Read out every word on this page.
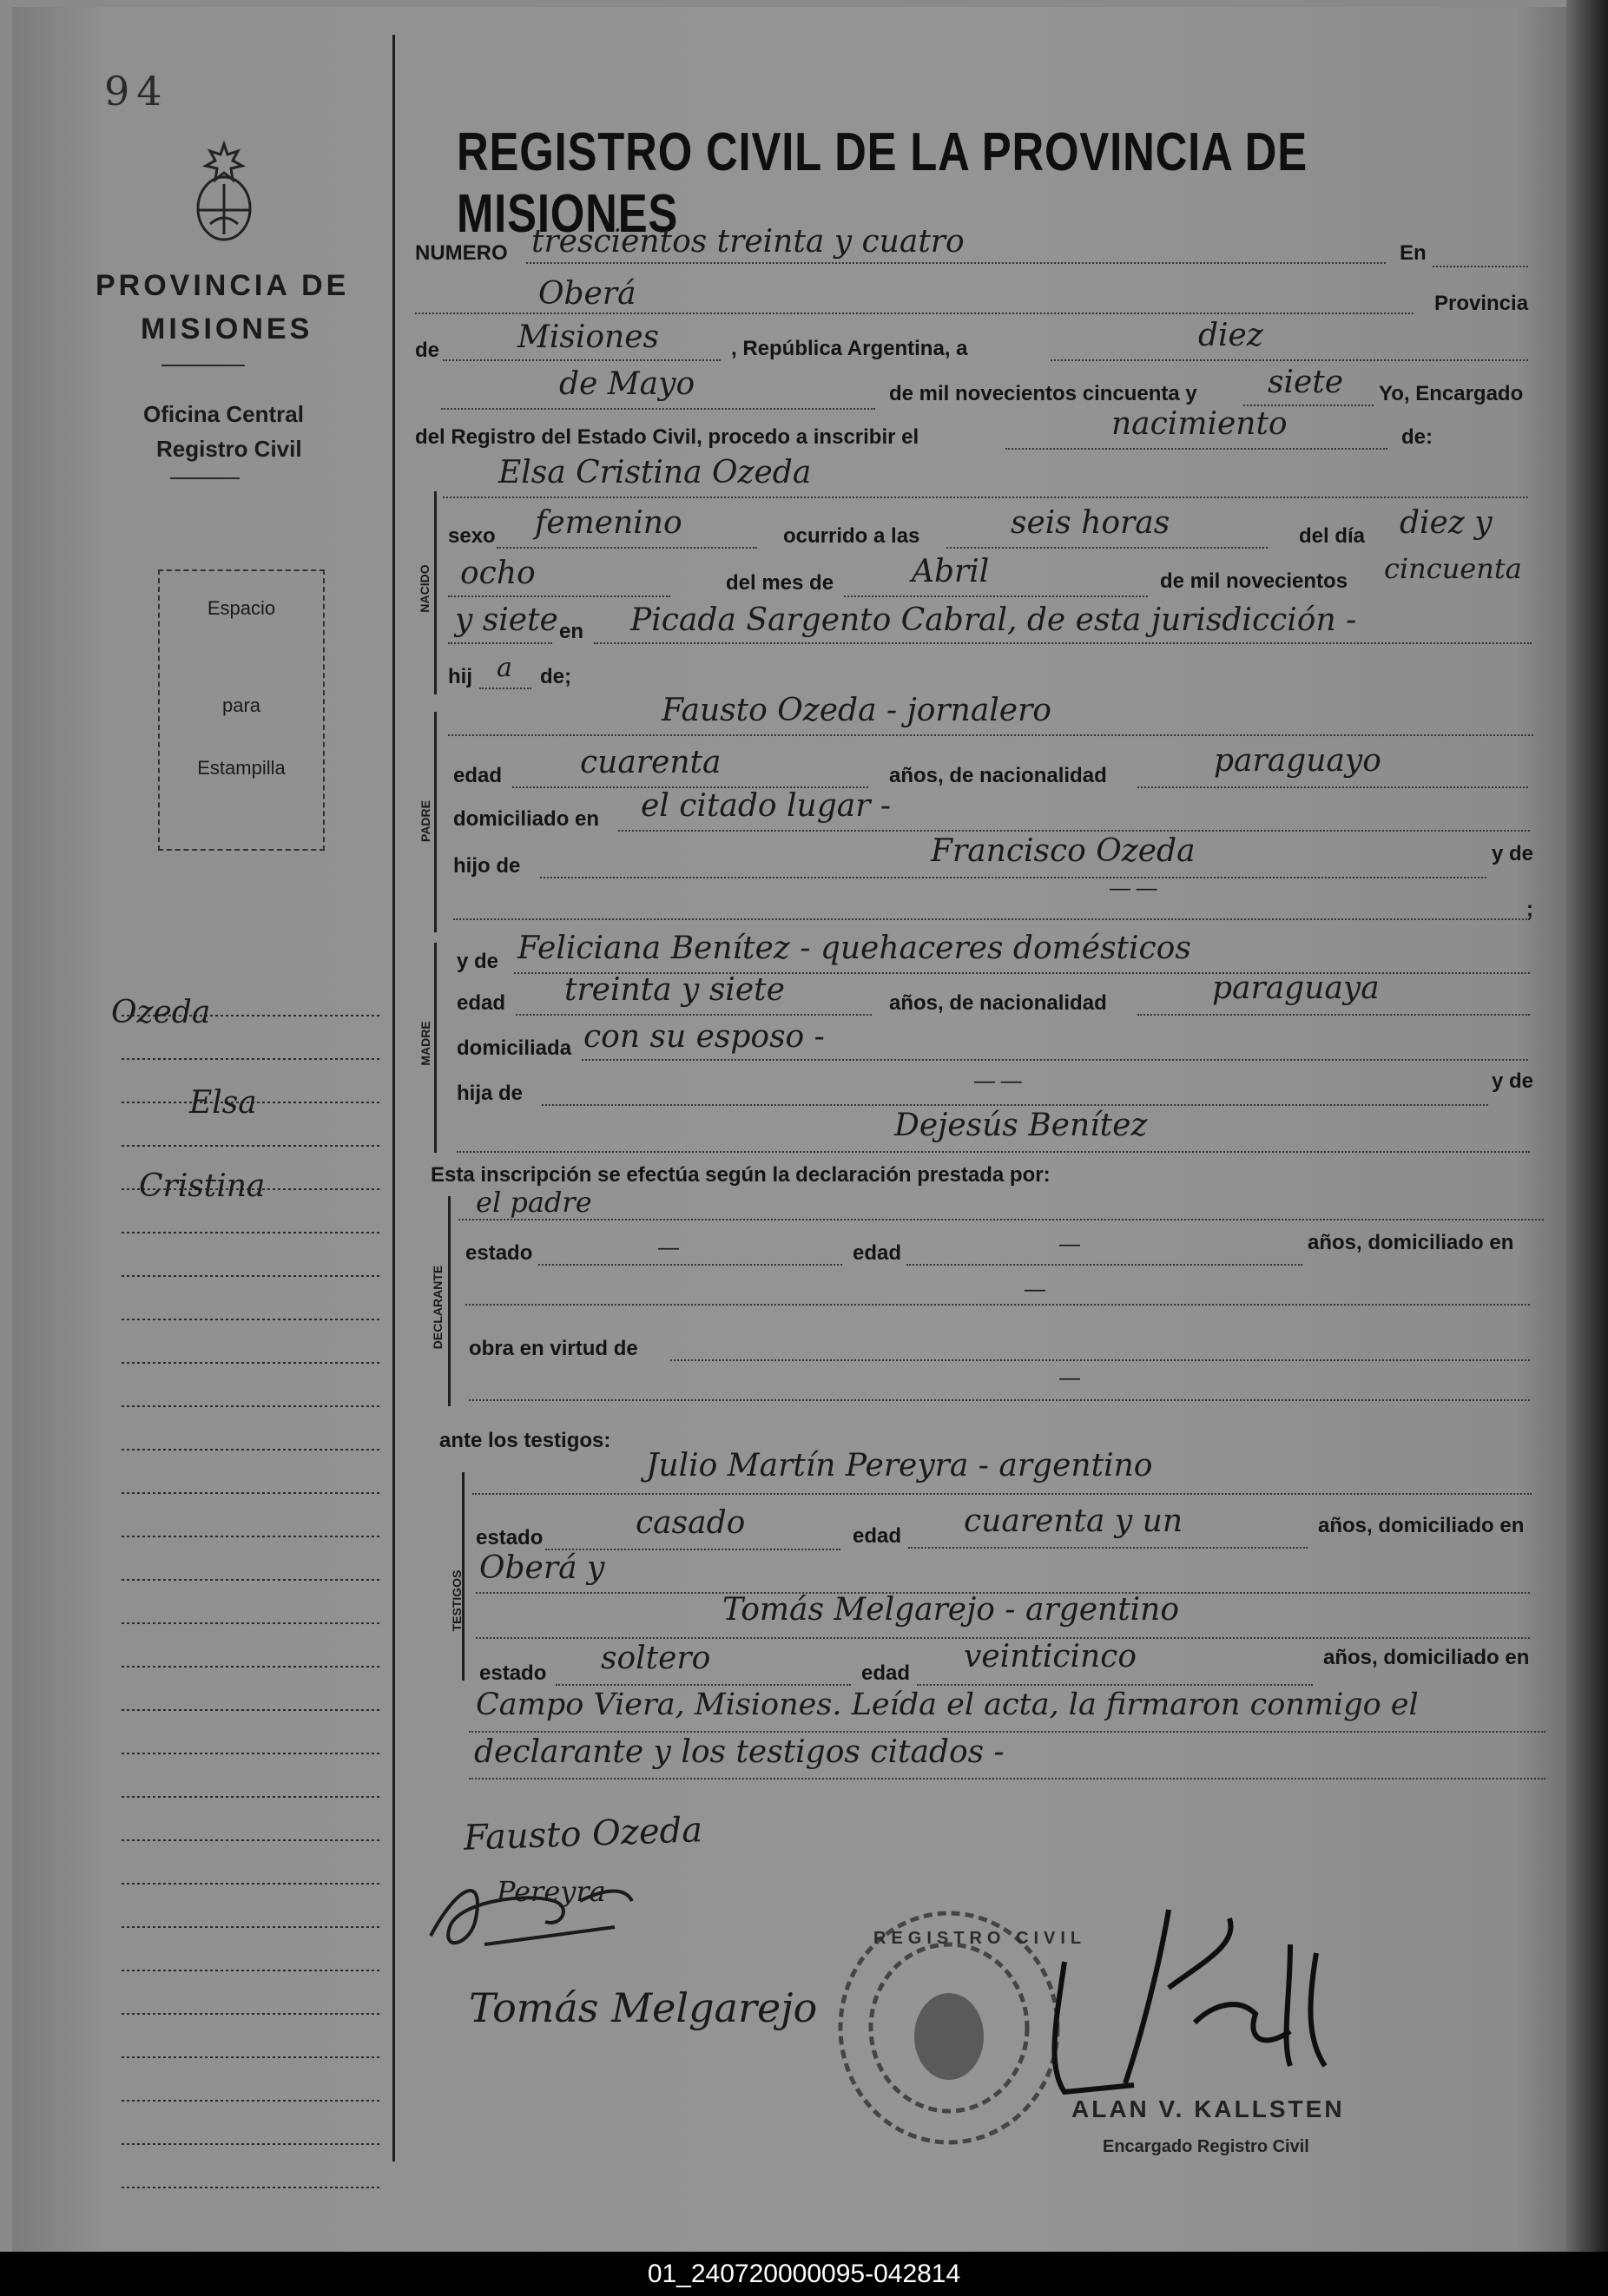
94
PROVINCIA DE
MISIONES
Oficina Central
Registro Civil
Espacio
para
Estampilla
Ozeda
Elsa
Cristina
REGISTRO CIVIL DE LA PROVINCIA DE MISIONES
NUMERO trescientos treinta y cuatro	En
Oberá	Provincia
de Misiones	, República Argentina, a	diez
de Mayo	de mil novecientos cincuenta y siete Yo, Encargado
del Registro del Estado Civil, procedo a inscribir el	nacimiento	de:
Elsa Cristina Ozeda
NACIDO
sexo femenino	ocurrido a las	seis horas	del día diez y
ocho	del mes de Abril	de mil novecientos cincuenta
y siete en Picada Sargento Cabral, de esta jurisdicción -
hij a de;
PADRE
Fausto Ozeda - jornalero
edad cuarenta	años, de nacionalidad	paraguayo
domiciliado en el citado lugar -
hijo de	Francisco Ozeda	y de
— —
;
MADRE
y de Feliciana Benítez - quehaceres domésticos
edad treinta y siete	años, de nacionalidad	paraguaya
domiciliada con su esposo -
hija de
— —	y de
Dejesús Benítez
Esta inscripción se efectúa según la declaración prestada por:
DECLARANTE
el padre
estado	—	edad	—	años, domiciliado en
—
obra en virtud de
—
ante los testigos:
TESTIGOS
Julio Martín Pereyra - argentino
estado	casado	edad cuarenta y un	años, domiciliado en
Oberá y
Tomás Melgarejo - argentino
estado soltero	edad veinticinco	años, domiciliado en
Campo Viera, Misiones. Leída el acta, la firmaron conmigo el
declarante y los testigos citados -
Fausto Ozeda
Pereyra
Tomás Melgarejo
REGISTRO CIVIL
ALAN V. KALLSTEN
Encargado Registro Civil
01_240720000095-042814
